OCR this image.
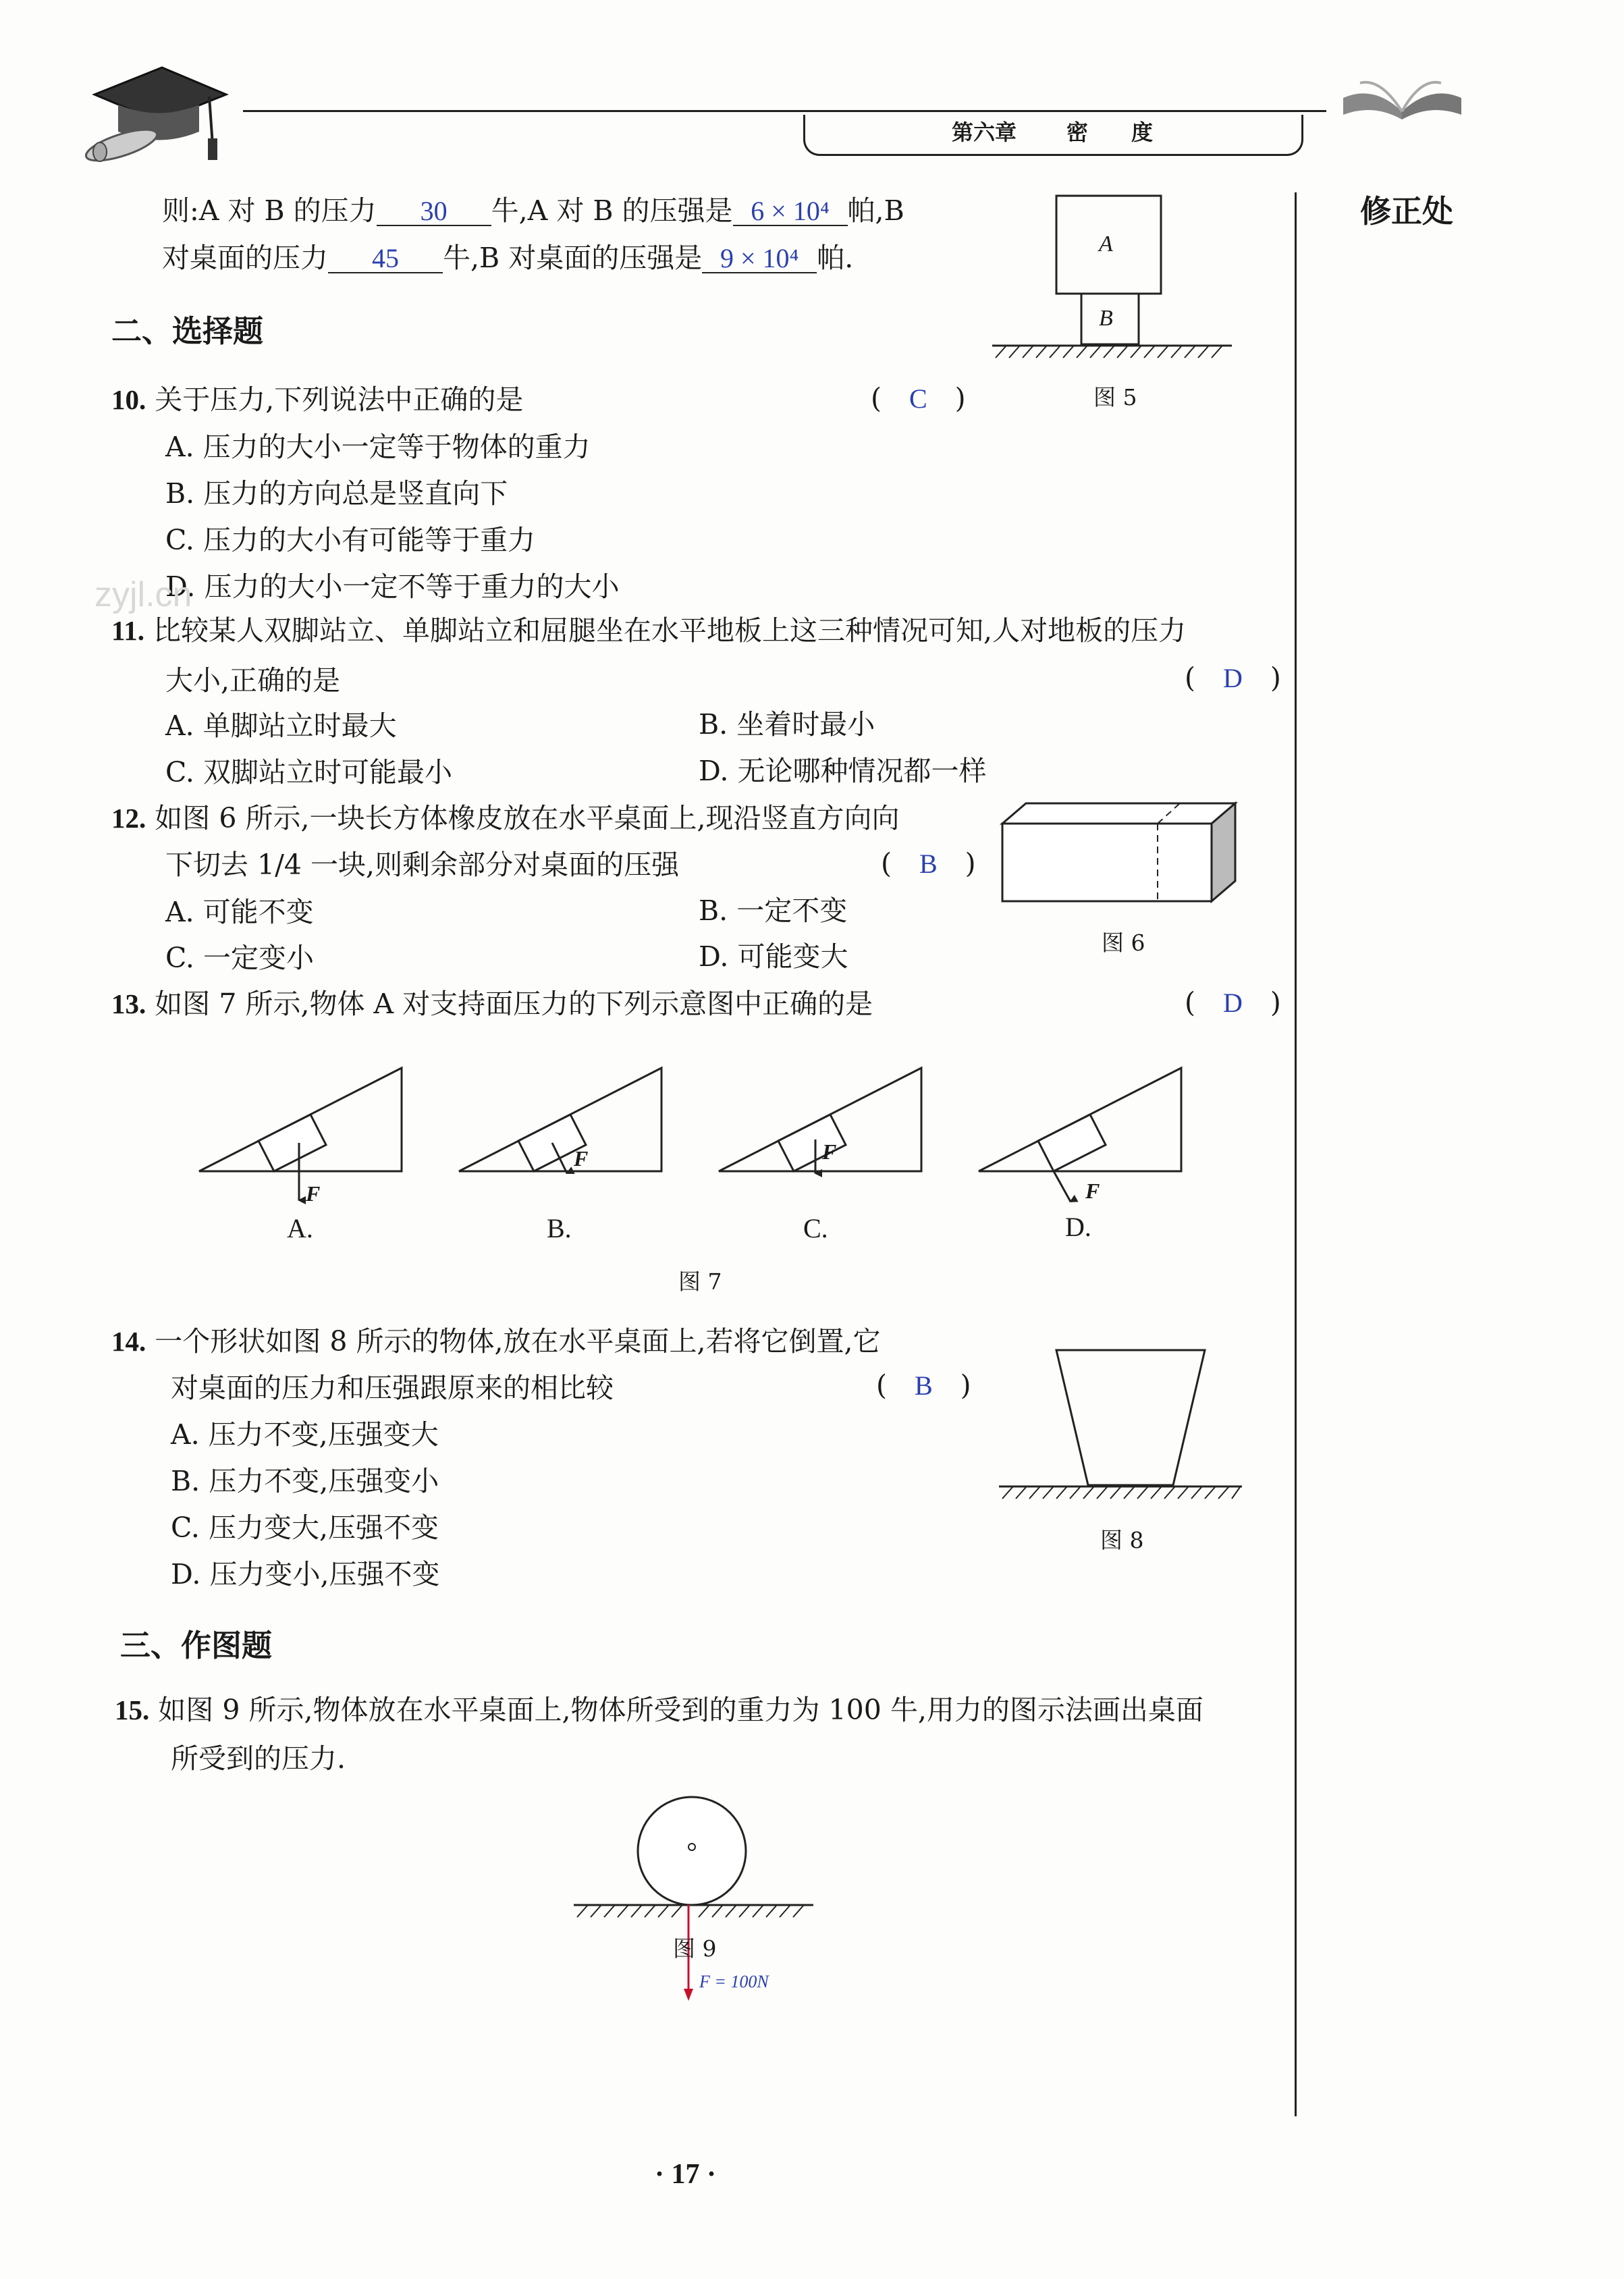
第六章 密　　度
修正处
则:A 对 B 的压力 30 牛,A 对 B 的压强是 6 × 10⁴ 帕,B
对桌面的压力 45 牛,B 对桌面的压强是 9 × 10⁴ 帕.	A
B
图 5
二、选择题
10. 关于压力,下列说法中正确的是	(　C　)
A. 压力的大小一定等于物体的重力
B. 压力的方向总是竖直向下
C. 压力的大小有可能等于重力
D. 压力的大小一定不等于重力的大小
11. 比较某人双脚站立、单脚站立和屈腿坐在水平地板上这三种情况可知,人对地板的压力
大小,正确的是	(　D　)
A. 单脚站立时最大	B. 坐着时最小
C. 双脚站立时可能最小	D. 无论哪种情况都一样
12. 如图 6 所示,一块长方体橡皮放在水平桌面上,现沿竖直方向向
下切去 1/4 一块,则剩余部分对桌面的压强	(　B　)
A. 可能不变	B. 一定不变
C. 一定变小	D. 可能变大	图 6
13. 如图 7 所示,物体 A 对支持面压力的下列示意图中正确的是	(　D　)
F
F	F
F
A.	B.	C.	D.
图 7
14. 一个形状如图 8 所示的物体,放在水平桌面上,若将它倒置,它
对桌面的压力和压强跟原来的相比较	(　B　)
A. 压力不变,压强变大
B. 压力不变,压强变小
C. 压力变大,压强不变
D. 压力变小,压强不变
图 8
三、作图题
15. 如图 9 所示,物体放在水平桌面上,物体所受到的重力为 100 牛,用力的图示法画出桌面
所受到的压力.
图 9
F = 100N
· 17 ·
zyjl.cn
